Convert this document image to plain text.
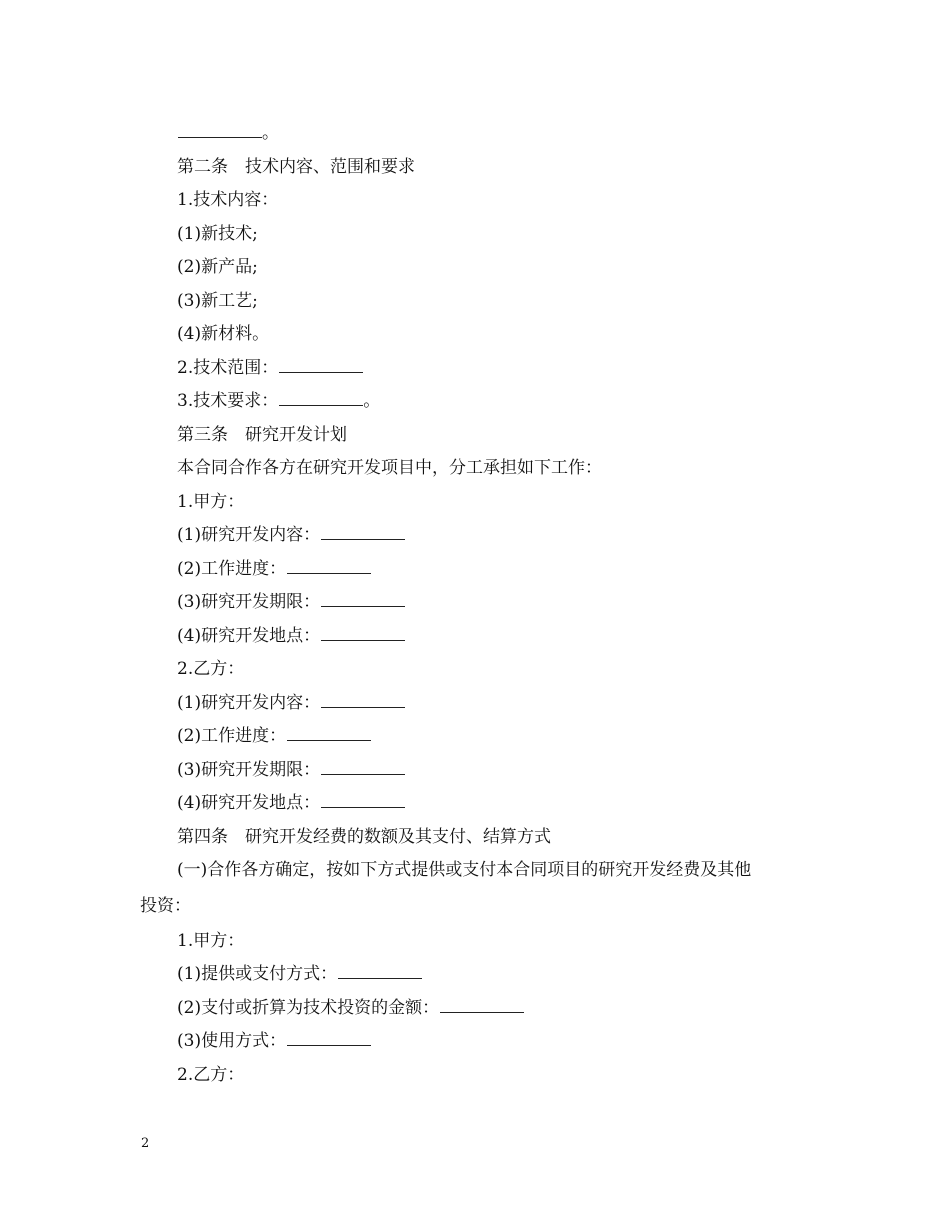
。
第二条　技术内容、范围和要求
1.技术内容：
(1)新技术;
(2)新产品;
(3)新工艺;
(4)新材料。
2.技术范围：
3.技术要求：	。
第三条　研究开发计划
本合同合作各方在研究开发项目中，分工承担如下工作：
1.甲方：
(1)研究开发内容：
(2)工作进度：
(3)研究开发期限：
(4)研究开发地点：
2.乙方：
(1)研究开发内容：
(2)工作进度：
(3)研究开发期限：
(4)研究开发地点：
第四条　研究开发经费的数额及其支付、结算方式
(一)合作各方确定，按如下方式提供或支付本合同项目的研究开发经费及其他
投资：
1.甲方：
(1)提供或支付方式：
(2)支付或折算为技术投资的金额：
(3)使用方式：
2.乙方：
2
